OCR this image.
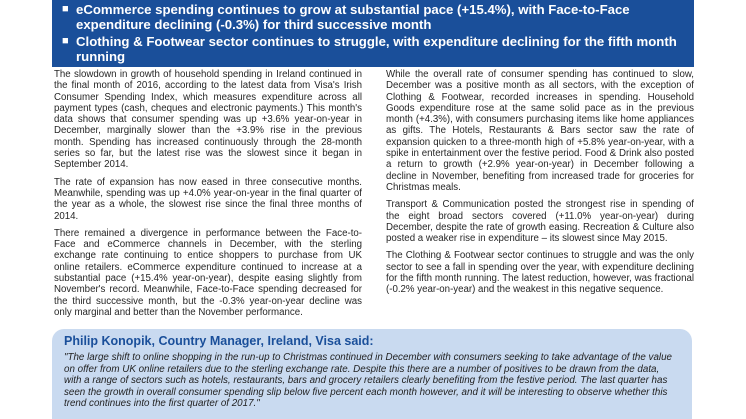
■ eCommerce spending continues to grow at substantial pace (+15.4%), with Face-to-Face expenditure declining (-0.3%) for third successive month
■ Clothing & Footwear sector continues to struggle, with expenditure declining for the fifth month running

The slowdown in growth of household spending in Ireland continued in the final month of 2016, according to the latest data from Visa's Irish Consumer Spending Index, which measures expenditure across all payment types (cash, cheques and electronic payments.) This month's data shows that consumer spending was up +3.6% year-on-year in December, marginally slower than the +3.9% rise in the previous month. Spending has increased continuously through the 28-month series so far, but the latest rise was the slowest since it began in September 2014.

The rate of expansion has now eased in three consecutive months. Meanwhile, spending was up +4.0% year-on-year in the final quarter of the year as a whole, the slowest rise since the final three months of 2014.

There remained a divergence in performance between the Face-to-Face and eCommerce channels in December, with the sterling exchange rate continuing to entice shoppers to purchase from UK online retailers. eCommerce expenditure continued to increase at a substantial pace (+15.4% year-on-year), despite easing slightly from November's record. Meanwhile, Face-to-Face spending decreased for the third successive month, but the -0.3% year-on-year decline was only marginal and better than the November performance.

While the overall rate of consumer spending has continued to slow, December was a positive month as all sectors, with the exception of Clothing & Footwear, recorded increases in spending. Household Goods expenditure rose at the same solid pace as in the previous month (+4.3%), with consumers purchasing items like home appliances as gifts. The Hotels, Restaurants & Bars sector saw the rate of expansion quicken to a three-month high of +5.8% year-on-year, with a spike in entertainment over the festive period. Food & Drink also posted a return to growth (+2.9% year-on-year) in December following a decline in November, benefiting from increased trade for groceries for Christmas meals.

Transport & Communication posted the strongest rise in spending of the eight broad sectors covered (+11.0% year-on-year) during December, despite the rate of growth easing. Recreation & Culture also posted a weaker rise in expenditure – its slowest since May 2015.

The Clothing & Footwear sector continues to struggle and was the only sector to see a fall in spending over the year, with expenditure declining for the fifth month running. The latest reduction, however, was fractional (-0.2% year-on-year) and the weakest in this negative sequence.

Philip Konopik, Country Manager, Ireland, Visa said:
"The large shift to online shopping in the run-up to Christmas continued in December with consumers seeking to take advantage of the value on offer from UK online retailers due to the sterling exchange rate. Despite this there are a number of positives to be drawn from the data, with a range of sectors such as hotels, restaurants, bars and grocery retailers clearly benefiting from the festive period. The last quarter has seen the growth in overall consumer spending slip below five percent each month however, and it will be interesting to observe whether this trend continues into the first quarter of 2017."
